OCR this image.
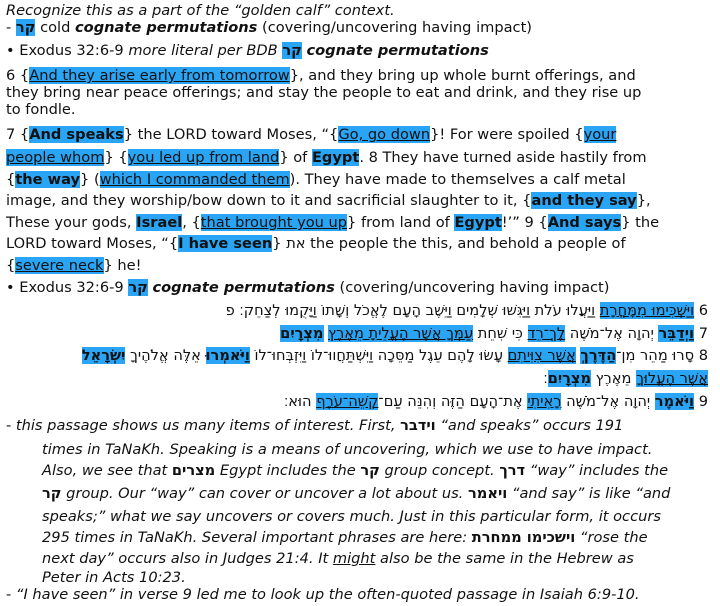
Recognize this as a part of the “golden calf” context.
- קר cold cognate permutations (covering/uncovering having impact)
• Exodus 32:6-9 more literal per BDB קר cognate permutations
6 {And they arise early from tomorrow}, and they bring up whole burnt offerings, and
they bring near peace offerings; and stay the people to eat and drink, and they rise up
to fondle.
7 {And speaks} the LORD toward Moses, “{Go, go down}! For were spoiled {your
people whom} {you led up from land} of Egypt. 8 They have turned aside hastily from
{the way} (which I commanded them). They have made to themselves a calf metal
image, and they worship/bow down to it and sacrificial slaughter to it, {and they say},
These your gods, Israel, {that brought you up} from land of Egypt!’” 9 {And says} the
LORD toward Moses, “{I have seen} את the people the this, and behold a people of
{severe neck} he!
• Exodus 32:6-9 קר cognate permutations (covering/uncovering having impact)
6 וַיַּשְׁכִּימוּ מִמָּחֳרָת וַיַּעֲלוּ עֹלֹת וַיַּגִּשׁוּ שְׁלָמִים וַיֵּשֶׁב הָעָם לֶאֱכֹל וְשָׁתוֹ וַיָּקֻמוּ לְצַחֵק׃ פ
7 וַיְדַבֵּר יְהוָה אֶל־מֹשֶׁה לֶךְ־רֵד כִּי שִׁחֵת עַמְּךָ אֲשֶׁר הֶעֱלֵיתָ מֵאֶרֶץ מִצְרָיִם
8 סָרוּ מַהֵר מִן־הַדֶּרֶךְ אֲשֶׁר צִוִּיתִם עָשׂוּ לָהֶם עֵגֶל מַסֵּכָה וַיִּשְׁתַּחֲווּ־לוֹ וַיִּזְבְּחוּ־לוֹ וַיֹּאמְרוּ אֵלֶּה אֱלֹהֶיךָ יִשְׂרָאֵל
אֲשֶׁר הֶעֱלוּךָ מֵאֶרֶץ מִצְרָיִם׃
9 וַיֹּאמֶר יְהוָה אֶל־מֹשֶׁה רָאִיתִי אֶת־הָעָם הַזֶּה וְהִנֵּה עַם־קְשֵׁה־עֹרֶף הוּא׃
- this passage shows us many items of interest. First, וידבר “and speaks” occurs 191
times in TaNaKh. Speaking is a means of uncovering, which we use to have impact.
Also, we see that מצרים Egypt includes the קר group concept. דרך “way” includes the
קר group. Our “way” can cover or uncover a lot about us. ויאמר “and say” is like “and
speaks;” what we say uncovers or covers much. Just in this particular form, it occurs
295 times in TaNaKh. Several important phrases are here: וישכימו ממחרת “rose the
next day” occurs also in Judges 21:4. It might also be the same in the Hebrew as
Peter in Acts 10:23.
- “I have seen” in verse 9 led me to look up the often-quoted passage in Isaiah 6:9-10.
